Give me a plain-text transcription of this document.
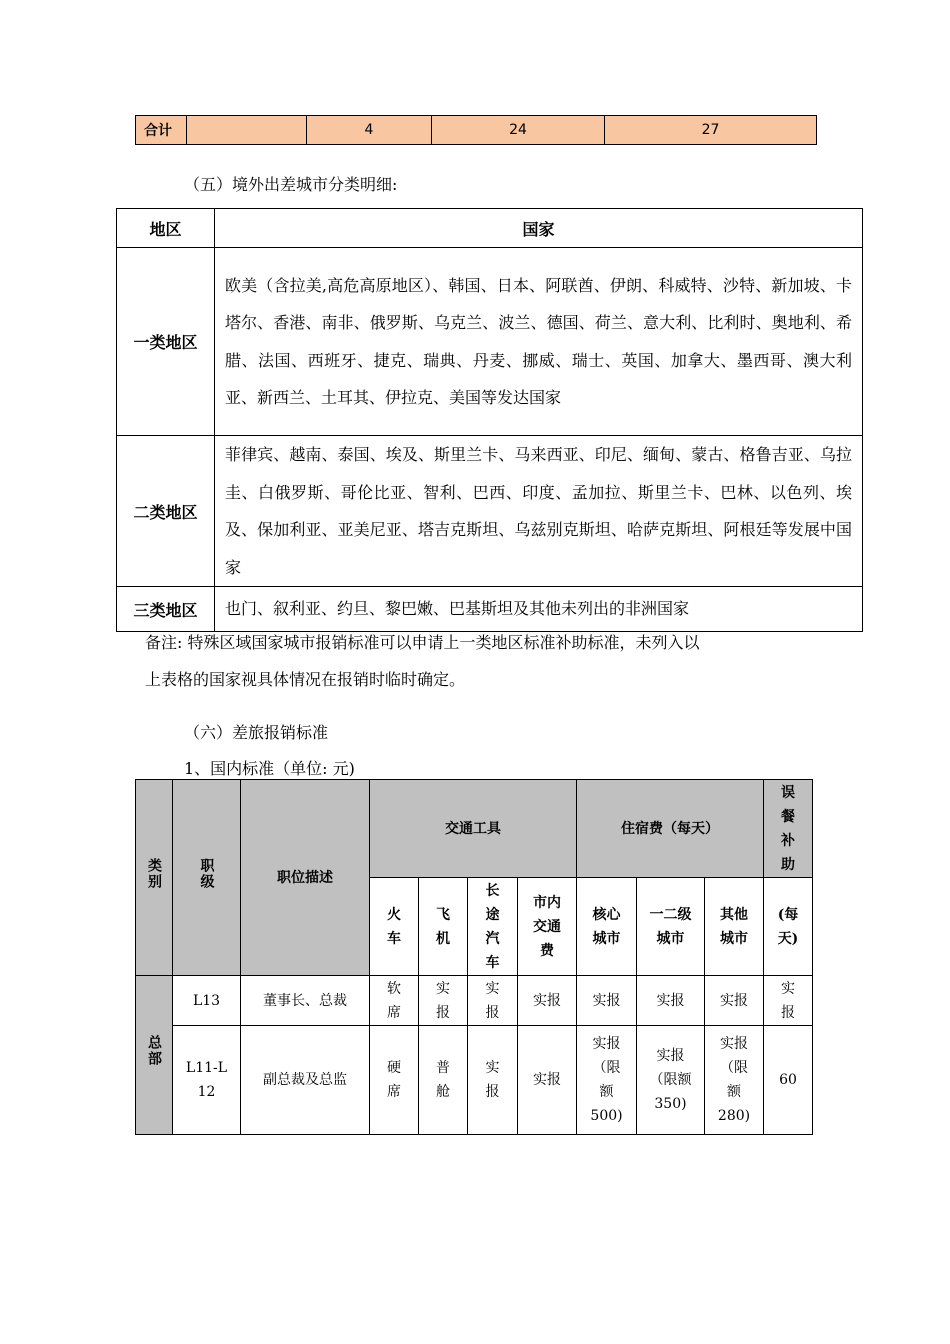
合计		4	24	27
（五）境外出差城市分类明细:
地区	国家
一类地区	欧美（含拉美,高危高原地区）、韩国、日本、阿联酋、伊朗、科威特、沙特、新加坡、卡塔尔、香港、南非、俄罗斯、乌克兰、波兰、德国、荷兰、意大利、比利时、奥地利、希腊、法国、西班牙、捷克、瑞典、丹麦、挪威、瑞士、英国、加拿大、墨西哥、澳大利亚、新西兰、土耳其、伊拉克、美国等发达国家
二类地区	菲律宾、越南、泰国、埃及、斯里兰卡、马来西亚、印尼、缅甸、蒙古、格鲁吉亚、乌拉圭、白俄罗斯、哥伦比亚、智利、巴西、印度、孟加拉、斯里兰卡、巴林、以色列、埃及、保加利亚、亚美尼亚、塔吉克斯坦、乌兹别克斯坦、哈萨克斯坦、阿根廷等发展中国家
三类地区	也门、叙利亚、约旦、黎巴嫩、巴基斯坦及其他未列出的非洲国家
备注: 特殊区域国家城市报销标准可以申请上一类地区标准补助标准，未列入以
上表格的国家视具体情况在报销时临时确定。
（六）差旅报销标准
1、国内标准（单位: 元)
类别	职级	职位描述	交通工具				住宿费（每天）			误餐补助
			火车	飞机	长途汽车	市内交通费	核心城市	一二级城市	其他城市	(每天)
总部	L13	董事长、总裁	软席	实报	实报	实报	实报	实报	实报	实报
	L11-L12	副总裁及总监	硬席	普舱	实报	实报	实报（限额500)	实报（限额350)	实报（限额280)	60
